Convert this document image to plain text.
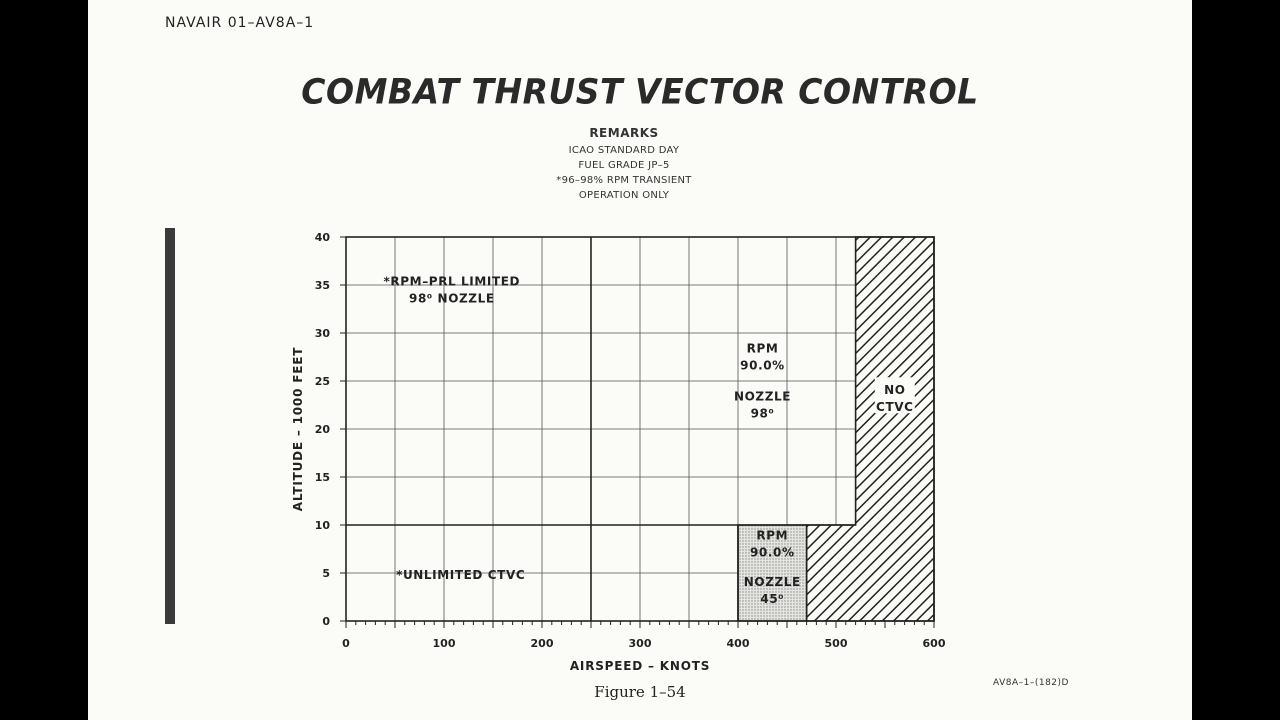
NAVAIR 01–AV8A–1
COMBAT THRUST VECTOR CONTROL
REMARKS
ICAO STANDARD DAY
FUEL GRADE JP–5
*96–98% RPM TRANSIENT
OPERATION ONLY
0	100	200	300	400	500	600
0
5
10
15
20
25
30
35
40
AIRSPEED – KNOTS
ALTITUDE – 1000 FEET
*RPM–PRL LIMITED
98⁰ NOZZLE
*UNLIMITED CTVC
RPM
90.0%
NOZZLE
98⁰
NO
CTVC
RPM
90.0%
NOZZLE
45⁰
Figure 1–54	AV8A–1–(182)D
